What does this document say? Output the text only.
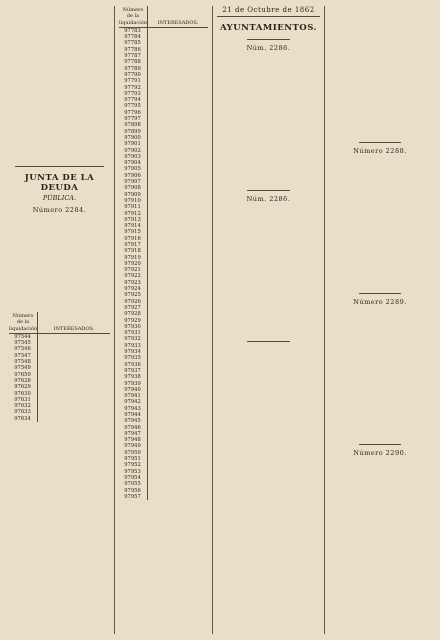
JUNTA DE LA DEUDA
PÚBLICA.
Número 2284.

Número de la liquidación	INTERESADOS.
97544	
97545	
97546	
97547	
97548	
97549	
97650	
97628	
97629	
97630	
97631	
97632	
97633	
97634	
Número de la liquidación	INTERESADOS.
97783	
97784	
97785	
97786	
97787	
97788	
97789	
97790	
97791	
97792	
97793	
97794	
97795	
97796	
97797	
97898	
97899	
97900	
97901	
97902	
97903	
97904	
97905	
97906	
97907	
97908	
97909	
97910	
97911	
97912	
97913	
97914	
97915	
97916	
97917	
97918	
97919	
97920	
97921	
97922	
97923	
97924	
97925	
97926	
97927	
97928	
97929	
97930	
97931	
97932	
97933	
97934	
97935	
97936	
97937	
97938	
97939	
97940	
97941	
97942	
97943	
97944	
97945	
97946	
97947	
97948	
97949	
97950	
97951	
97952	
97953	
97954	
97955	
97956	
97957	
21 de Octubre de 1862
AYUNTAMIENTOS.
Núm. 2286.

Núm. 2286.

Número 2288.

Número 2289.

Número 2290.
